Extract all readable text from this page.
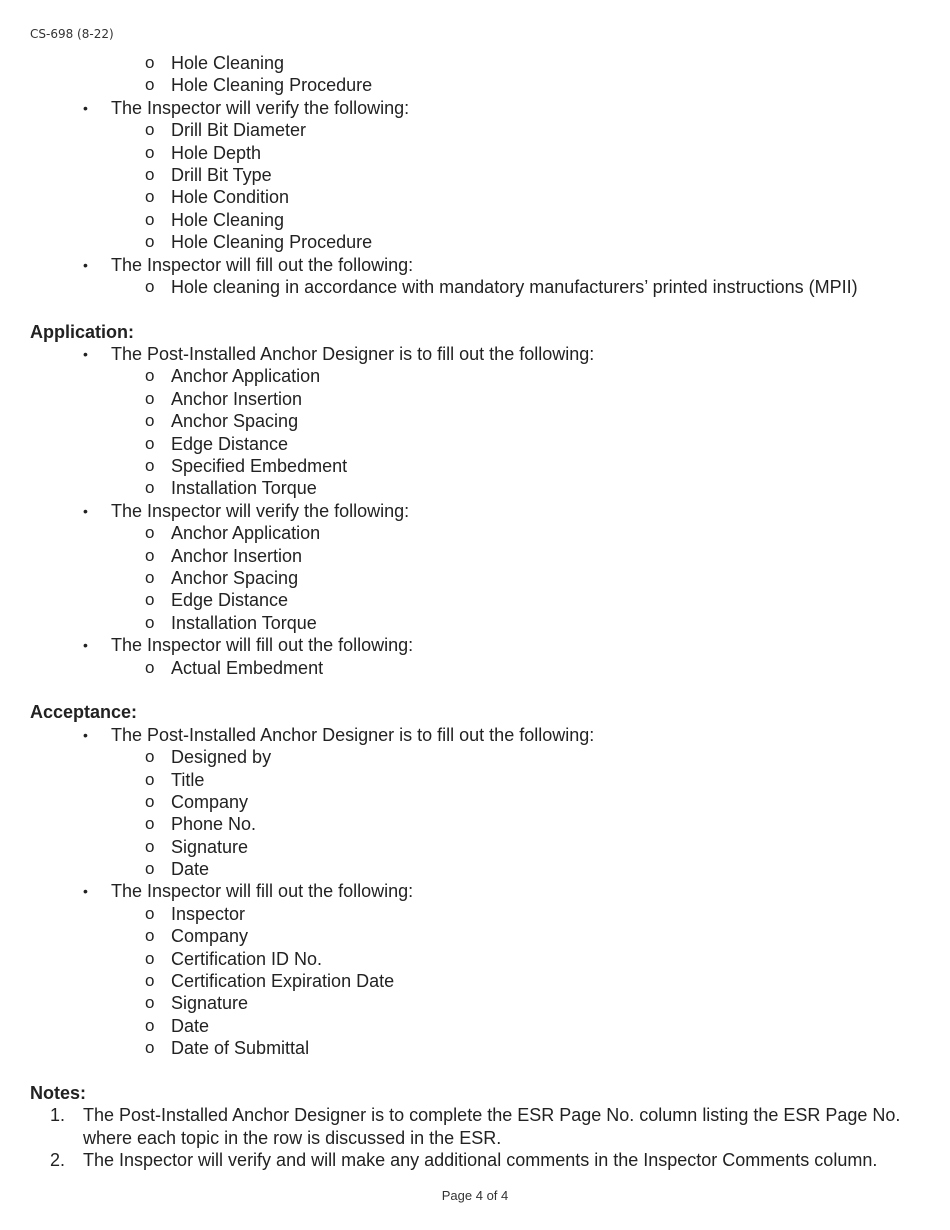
CS-698 (8-22)
o Hole Cleaning
o Hole Cleaning Procedure
• The Inspector will verify the following:
o Drill Bit Diameter
o Hole Depth
o Drill Bit Type
o Hole Condition
o Hole Cleaning
o Hole Cleaning Procedure
• The Inspector will fill out the following:
o Hole cleaning in accordance with mandatory manufacturers’ printed instructions (MPII)
Application:
• The Post-Installed Anchor Designer is to fill out the following:
o Anchor Application
o Anchor Insertion
o Anchor Spacing
o Edge Distance
o Specified Embedment
o Installation Torque
• The Inspector will verify the following:
o Anchor Application
o Anchor Insertion
o Anchor Spacing
o Edge Distance
o Installation Torque
• The Inspector will fill out the following:
o Actual Embedment
Acceptance:
• The Post-Installed Anchor Designer is to fill out the following:
o Designed by
o Title
o Company
o Phone No.
o Signature
o Date
• The Inspector will fill out the following:
o Inspector
o Company
o Certification ID No.
o Certification Expiration Date
o Signature
o Date
o Date of Submittal
Notes:
1. The Post-Installed Anchor Designer is to complete the ESR Page No. column listing the ESR Page No. where each topic in the row is discussed in the ESR.
2. The Inspector will verify and will make any additional comments in the Inspector Comments column.
Page 4 of 4
